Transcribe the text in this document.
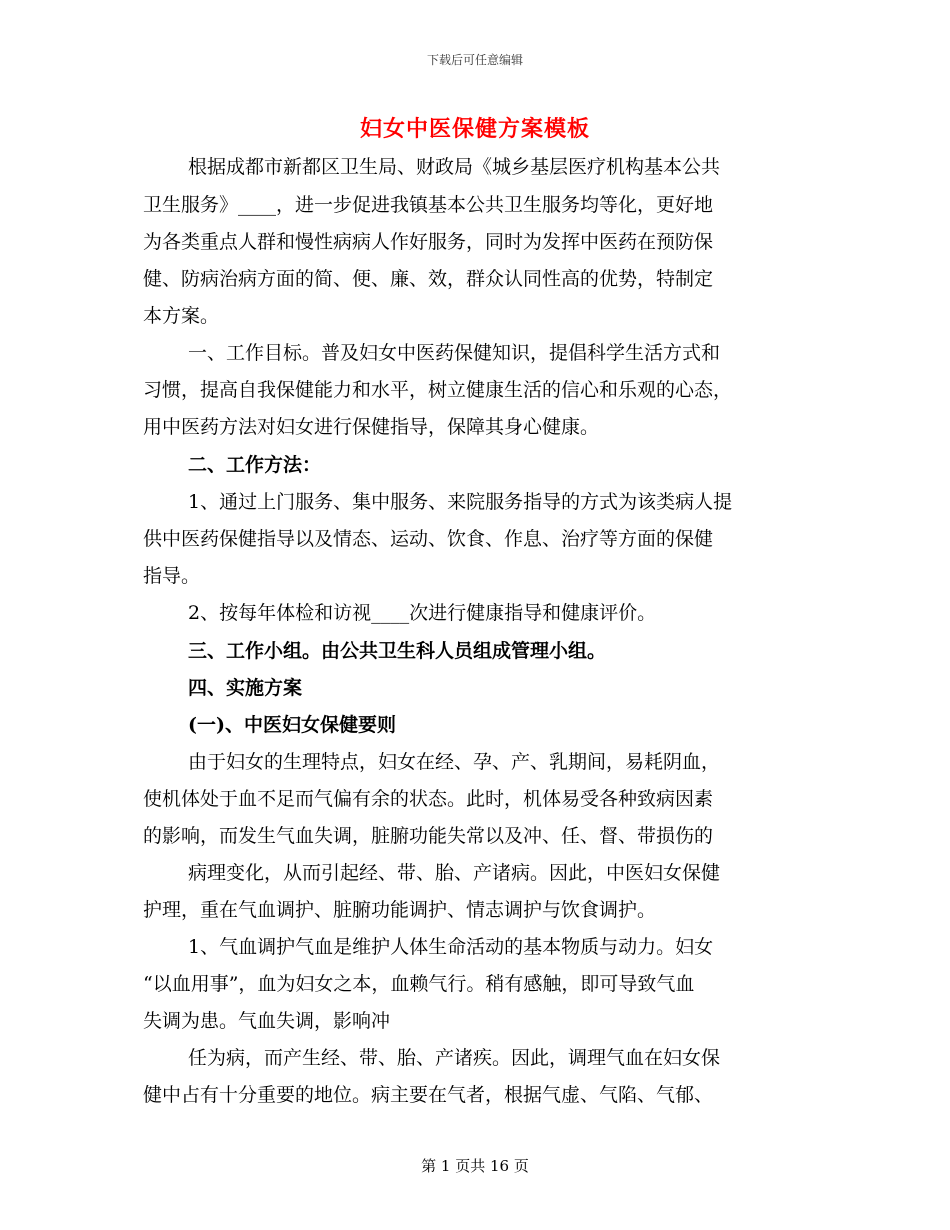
下载后可任意编辑
妇女中医保健方案模板
根据成都市新都区卫生局、财政局《城乡基层医疗机构基本公共
卫生服务》____，进一步促进我镇基本公共卫生服务均等化，更好地
为各类重点人群和慢性病病人作好服务，同时为发挥中医药在预防保
健、防病治病方面的简、便、廉、效，群众认同性高的优势，特制定
本方案。
一、工作目标。普及妇女中医药保健知识，提倡科学生活方式和
习惯，提高自我保健能力和水平，树立健康生活的信心和乐观的心态，
用中医药方法对妇女进行保健指导，保障其身心健康。
二、工作方法：
1、通过上门服务、集中服务、来院服务指导的方式为该类病人提
供中医药保健指导以及情态、运动、饮食、作息、治疗等方面的保健
指导。
2、按每年体检和访视____次进行健康指导和健康评价。
三、工作小组。由公共卫生科人员组成管理小组。
四、实施方案
(一)、中医妇女保健要则
由于妇女的生理特点，妇女在经、孕、产、乳期间，易耗阴血，
使机体处于血不足而气偏有余的状态。此时，机体易受各种致病因素
的影响，而发生气血失调，脏腑功能失常以及冲、任、督、带损伤的
病理变化，从而引起经、带、胎、产诸病。因此，中医妇女保健
护理，重在气血调护、脏腑功能调护、情志调护与饮食调护。
1、气血调护气血是维护人体生命活动的基本物质与动力。妇女
“以血用事”，血为妇女之本，血赖气行。稍有感触，即可导致气血
失调为患。气血失调，影响冲
任为病，而产生经、带、胎、产诸疾。因此，调理气血在妇女保
健中占有十分重要的地位。病主要在气者，根据气虚、气陷、气郁、
第 1 页共 16 页
